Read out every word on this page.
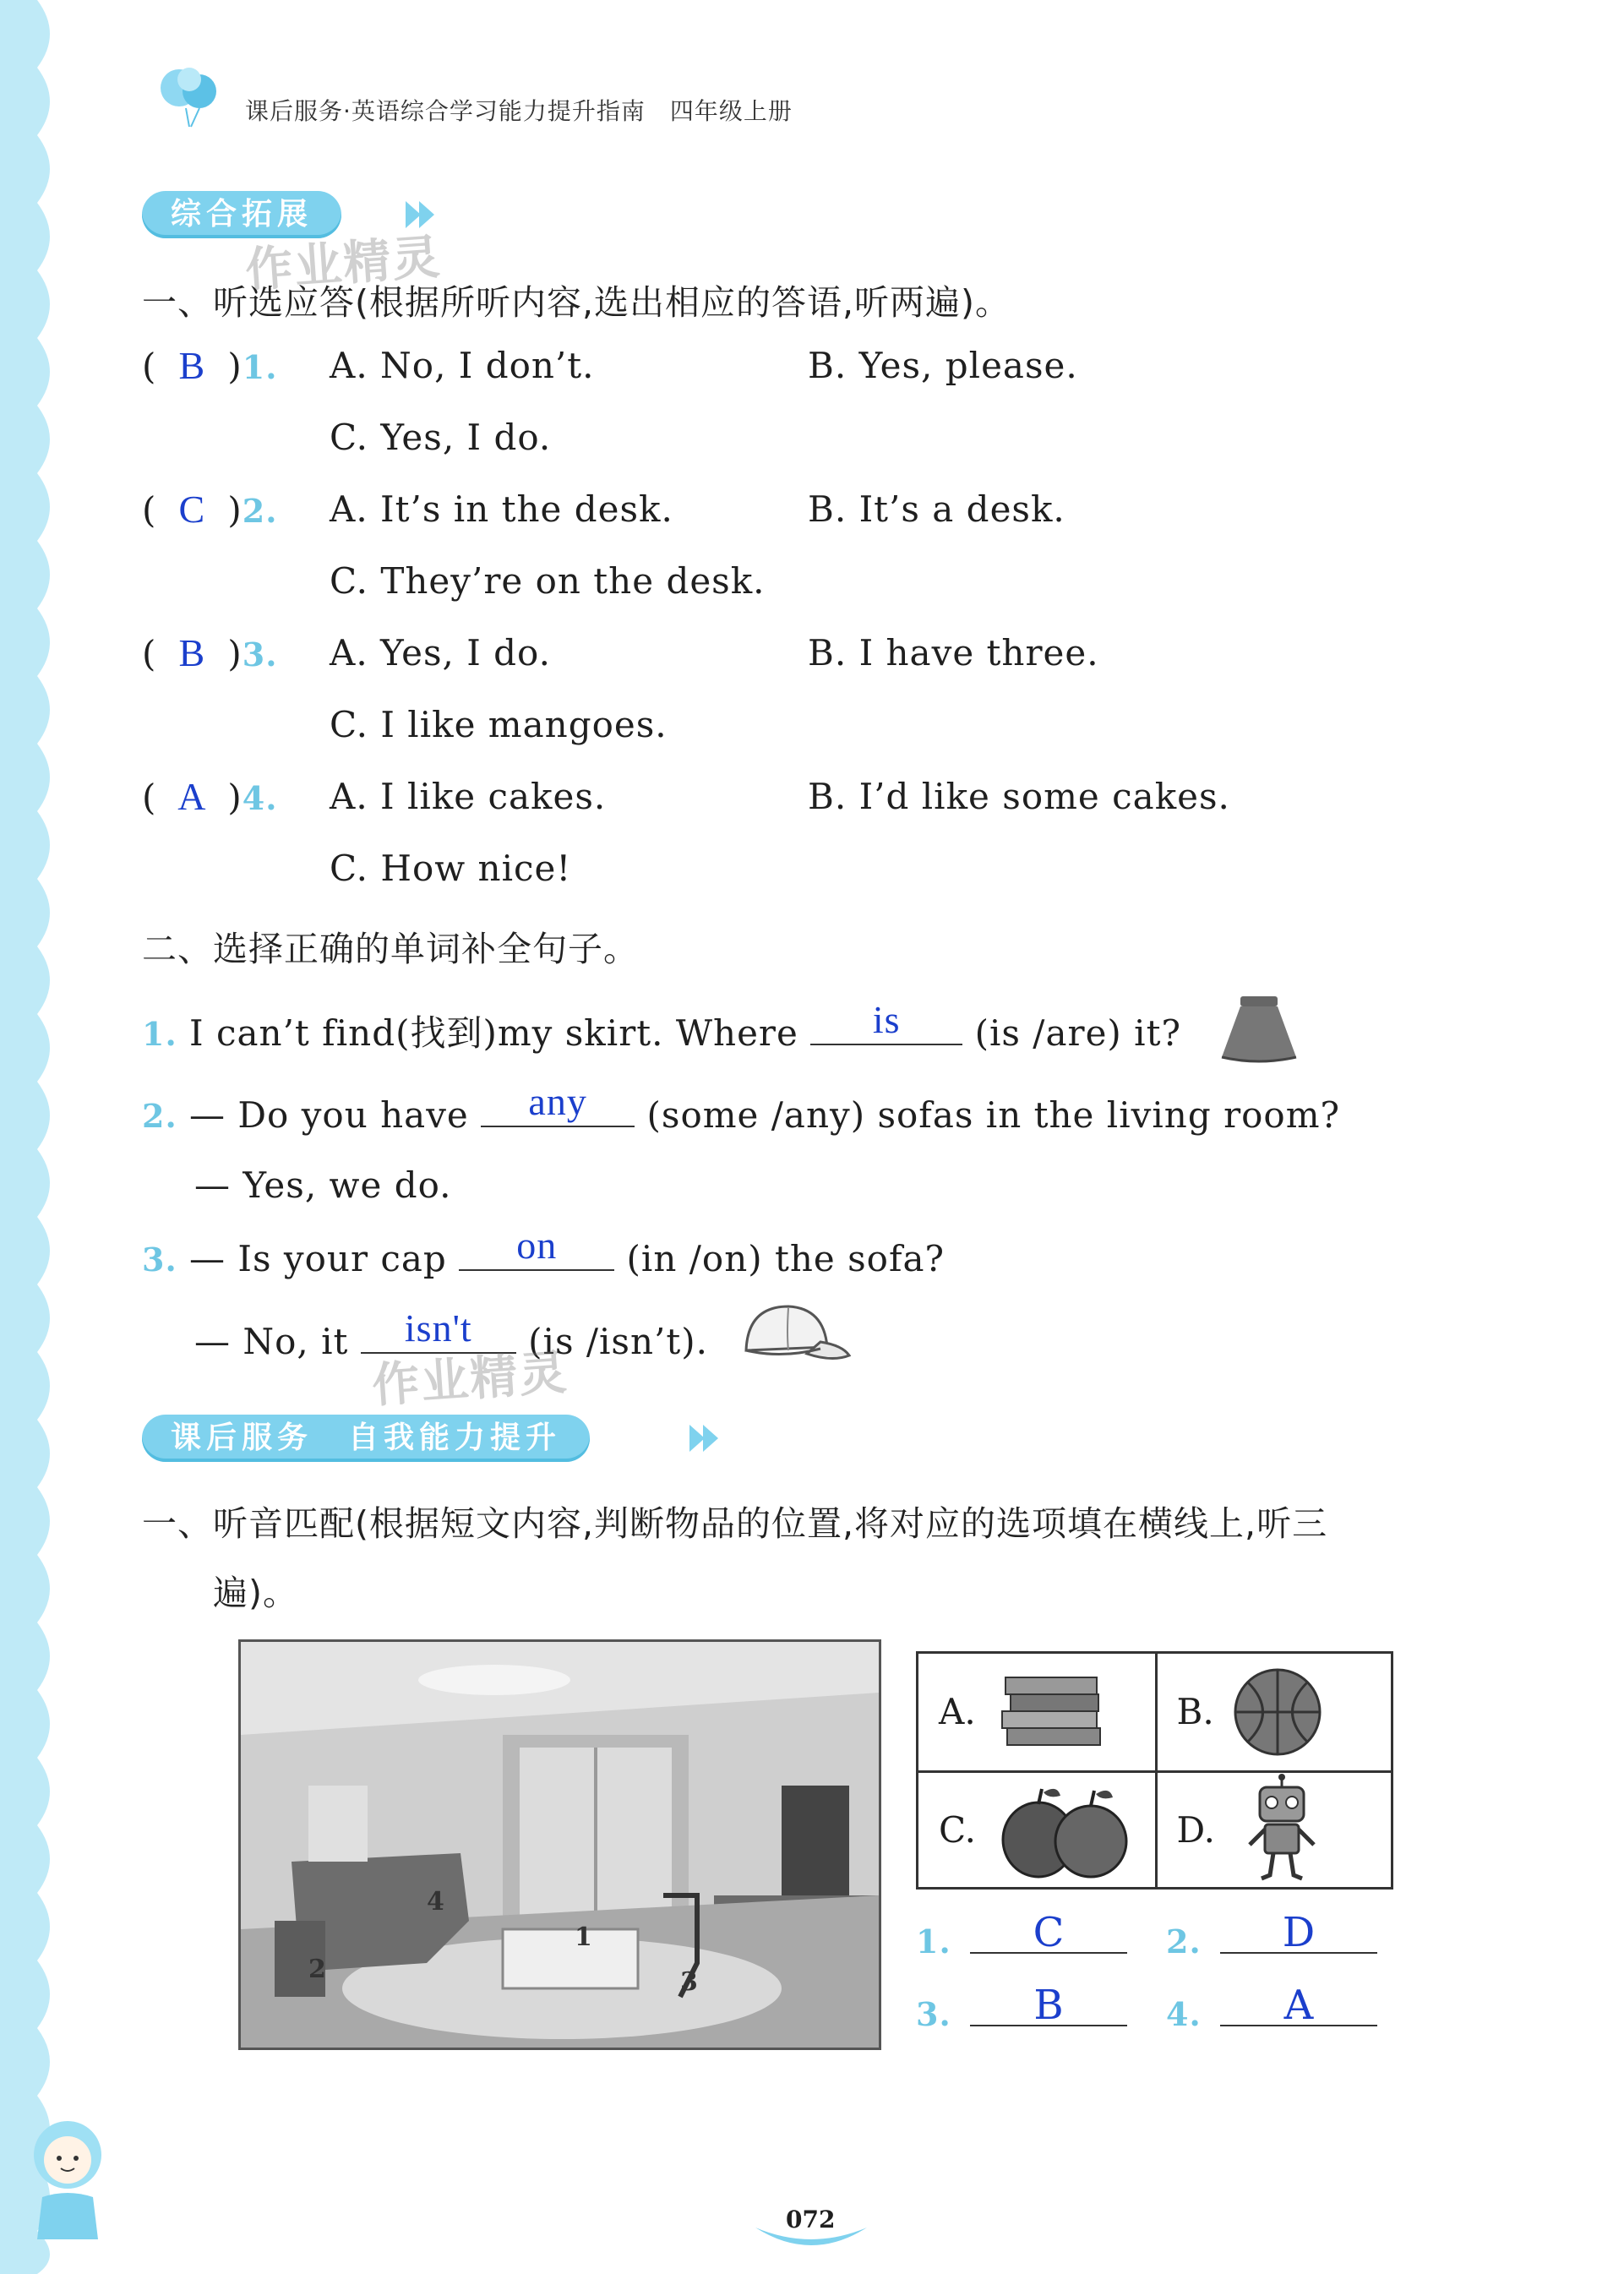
课后服务·英语综合学习能力提升指南　四年级上册
综合拓展
作业精灵
一、听选应答(根据所听内容,选出相应的答语,听两遍)。
( B )1. A. No, I don’t.	B. Yes, please.
C. Yes, I do.
( C )2. A. It’s in the desk.	B. It’s a desk.
C. They’re on the desk.
( B )3. A. Yes, I do.	B. I have three.
C. I like mangoes.
( A )4. A. I like cakes.	B. I’d like some cakes.
C. How nice!
二、选择正确的单词补全句子。
1. I can’t find(找到)my skirt. Where	is	(is /are) it?
2. — Do you have	any	(some /any) sofas in the living room?
— Yes, we do.
3. — Is your cap	on	(in /on) the sofa?
— No, it	isn't	(is /isn’t).
作业精灵
课后服务　自我能力提升
一、听音匹配(根据短文内容,判断物品的位置,将对应的选项填在横线上,听三
遍)。
1
2	3
4
A.	B.
C.	D.
1.	C	2.	D
3.	B	4.	A
072
